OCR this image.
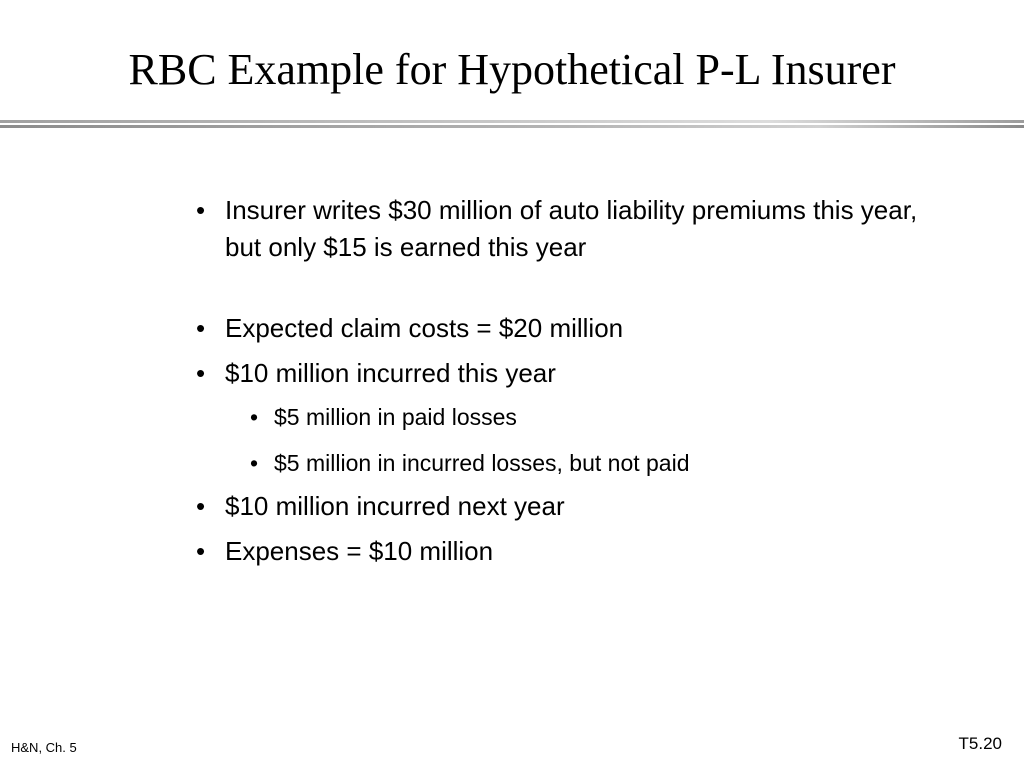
RBC Example for Hypothetical P-L Insurer
• Insurer writes $30 million of auto liability premiums this year, but only $15 is earned this year
• Expected claim costs = $20 million
• $10 million incurred this year
• $5 million in paid losses
• $5 million in incurred losses, but not paid
• $10 million incurred next year
• Expenses = $10 million
H&N, Ch. 5	T5.20
